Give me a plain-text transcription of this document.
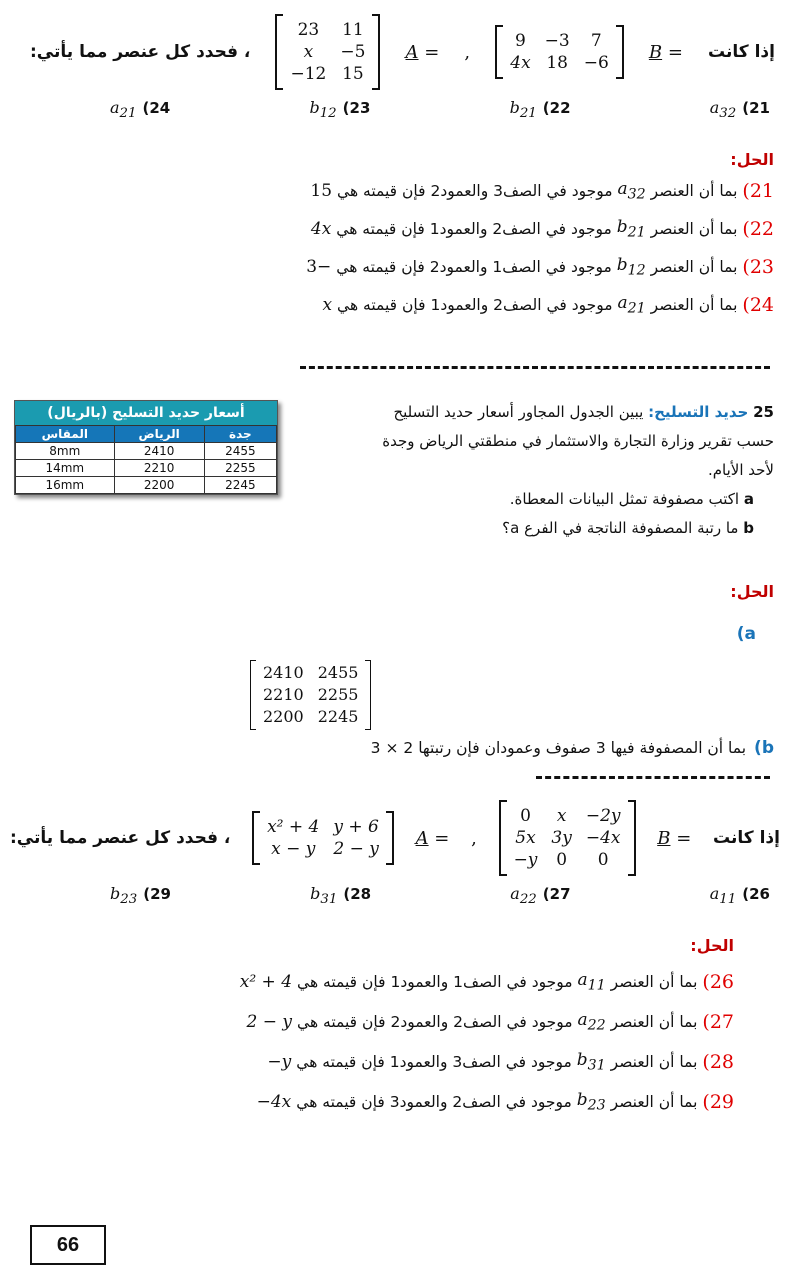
، فحدد كل عنصر مما يأتي:
23	11
x	−5
−12	15
A = ,
9	−3	7
4x	18	−6
B = إذا كانت
$a_{21}$ (24	$b_{12}$ (23	$b_{21}$ (22	$a_{32}$ (21
الحل:
21)
بما أن العنصر
$a_{32}$
موجود في الصف3 والعمود2 فإن قيمته هي
15
22)
بما أن العنصر
$b_{21}$
موجود في الصف2 والعمود1 فإن قيمته هي
4x
23)
بما أن العنصر
$b_{12}$
موجود في الصف1 والعمود2 فإن قيمته هي
−3
24)
بما أن العنصر
$a_{21}$
موجود في الصف2 والعمود1 فإن قيمته هي
x
أسعار حديد التسليح (بالريال)
المقاس	الرياض	جدة
8mm	2410	2455
14mm	2210	2255
16mm	2200	2245
25 حديد التسليح: يبين الجدول المجاور أسعار حديد التسليح
حسب تقرير وزارة التجارة والاستثمار في منطقتي الرياض وجدة
لأحد الأيام.
a اكتب مصفوفة تمثل البيانات المعطاة.
b ما رتبة المصفوفة الناتجة في الفرع a؟
الحل:
(a
2410	2455
2210	2255
2200	2245
b)
بما أن المصفوفة فيها 3 صفوف وعمودان فإن رتبتها 2 × 3
، فحدد كل عنصر مما يأتي:
x² + 4	y + 6
x − y	2 − y
A = ,
0	x	−2y
5x	3y	−4x
−y	0	0
B = إذا كانت
$b_{23}$ (29	$b_{31}$ (28	$a_{22}$ (27	$a_{11}$ (26
الحل:
26)
بما أن العنصر
$a_{11}$
موجود في الصف1 والعمود1 فإن قيمته هي
x² + 4
27)
بما أن العنصر
$a_{22}$
موجود في الصف2 والعمود2 فإن قيمته هي
2 − y
28)
بما أن العنصر
$b_{31}$
موجود في الصف3 والعمود1 فإن قيمته هي
−y
29)
بما أن العنصر
$b_{23}$
موجود في الصف2 والعمود3 فإن قيمته هي
−4x
66
